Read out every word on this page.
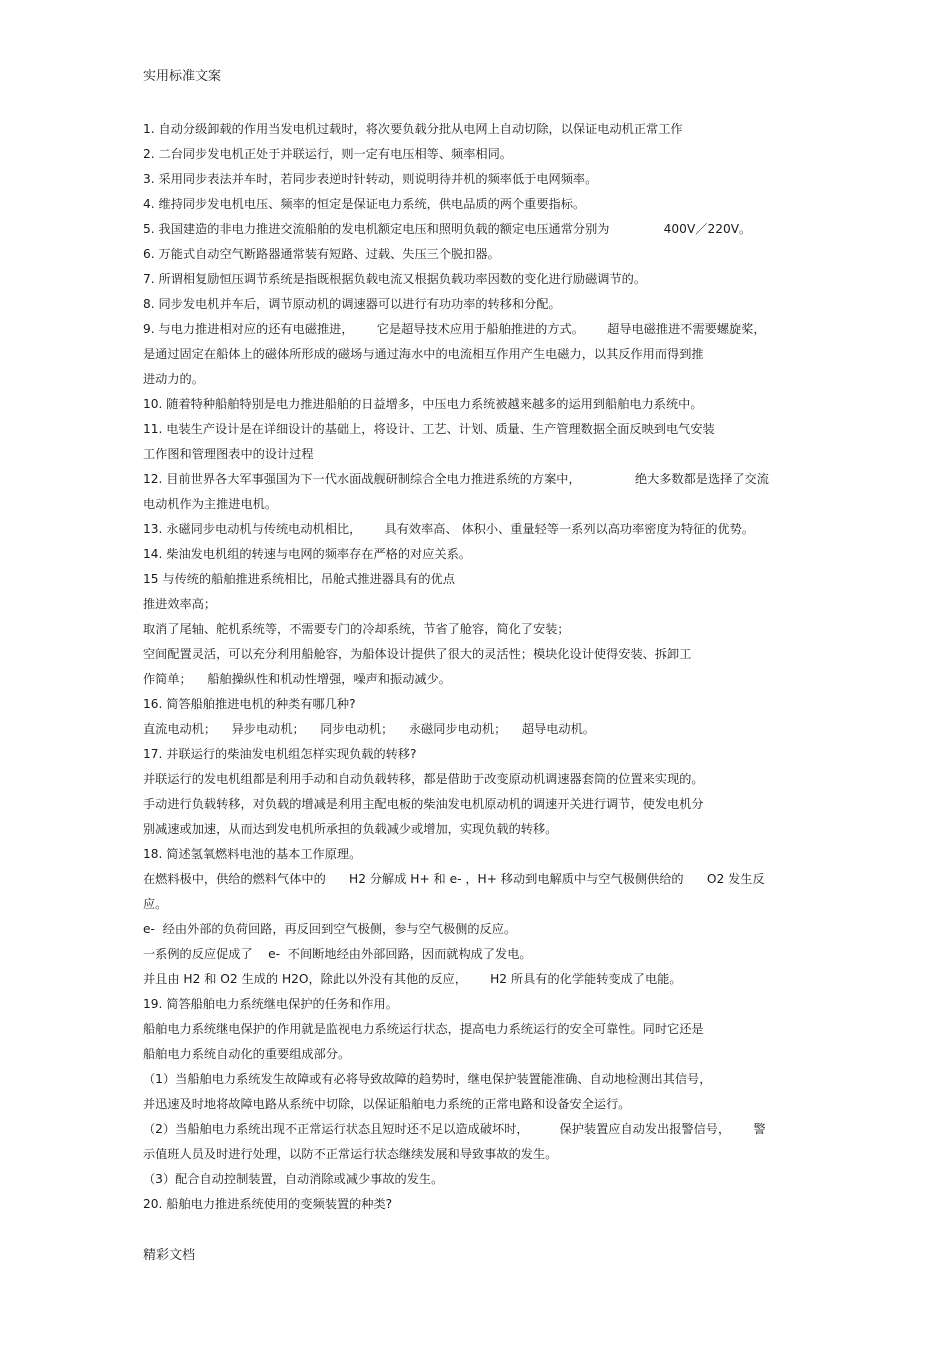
实用标准文案
1. 自动分级卸载的作用当发电机过载时，将次要负载分批从电网上自动切除，以保证电动机正常工作
2. 二台同步发电机正处于并联运行，则一定有电压相等、频率相同。
3. 采用同步表法并车时，若同步表逆时针转动，则说明待并机的频率低于电网频率。
4. 维持同步发电机电压、频率的恒定是保证电力系统，供电品质的两个重要指标。
5. 我国建造的非电力推进交流船舶的发电机额定电压和照明负载的额定电压通常分别为              400V／220V。
6. 万能式自动空气断路器通常装有短路、过载、失压三个脱扣器。
7. 所谓相复励恒压调节系统是指既根据负载电流又根据负载功率因数的变化进行励磁调节的。
8. 同步发电机并车后，调节原动机的调速器可以进行有功功率的转移和分配。
9. 与电力推进相对应的还有电磁推进，      它是超导技术应用于船舶推进的方式。      超导电磁推进不需要螺旋桨，
是通过固定在船体上的磁体所形成的磁场与通过海水中的电流相互作用产生电磁力，以其反作用而得到推
进动力的。
10. 随着特种船舶特别是电力推进船舶的日益增多，中压电力系统被越来越多的运用到船舶电力系统中。
11. 电装生产设计是在详细设计的基础上，将设计、工艺、计划、质量、生产管理数据全面反映到电气安装
工作图和管理图表中的设计过程
12. 目前世界各大军事强国为下一代水面战舰研制综合全电力推进系统的方案中，              绝大多数都是选择了交流
电动机作为主推进电机。
13. 永磁同步电动机与传统电动机相比，      具有效率高、 体积小、重量轻等一系列以高功率密度为特征的优势。
14. 柴油发电机组的转速与电网的频率存在严格的对应关系。
15 与传统的船舶推进系统相比，吊舱式推进器具有的优点
推进效率高；
取消了尾轴、舵机系统等，不需要专门的冷却系统，节省了舱容，简化了安装；
空间配置灵活，可以充分利用船舱容，为船体设计提供了很大的灵活性；模块化设计使得安装、拆卸工
作简单；    船舶操纵性和机动性增强，噪声和振动减少。
16. 简答船舶推进电机的种类有哪几种?
直流电动机；    异步电动机；    同步电动机；    永磁同步电动机；    超导电动机。
17. 并联运行的柴油发电机组怎样实现负载的转移?
并联运行的发电机组都是利用手动和自动负载转移，都是借助于改变原动机调速器套筒的位置来实现的。
手动进行负载转移，对负载的增减是利用主配电板的柴油发电机原动机的调速开关进行调节，使发电机分
别减速或加速，从而达到发电机所承担的负载减少或增加，实现负载的转移。
18. 简述氢氧燃料电池的基本工作原理。
在燃料极中，供给的燃料气体中的      H2 分解成 H+ 和 e- ，H+ 移动到电解质中与空气极侧供给的      O2 发生反
应。
e-  经由外部的负荷回路，再反回到空气极侧，参与空气极侧的反应。
一系例的反应促成了    e-  不间断地经由外部回路，因而就构成了发电。
并且由 H2 和 O2 生成的 H2O，除此以外没有其他的反应，      H2 所具有的化学能转变成了电能。
19. 简答船舶电力系统继电保护的任务和作用。
船舶电力系统继电保护的作用就是监视电力系统运行状态，提高电力系统运行的安全可靠性。同时它还是
船舶电力系统自动化的重要组成部分。
（1）当船舶电力系统发生故障或有必将导致故障的趋势时，继电保护装置能准确、自动地检测出其信号，
并迅速及时地将故障电路从系统中切除，以保证船舶电力系统的正常电路和设备安全运行。
（2）当船舶电力系统出现不正常运行状态且短时还不足以造成破坏时，        保护装置应自动发出报警信号，      警
示值班人员及时进行处理，以防不正常运行状态继续发展和导致事故的发生。
（3）配合自动控制装置，自动消除或减少事故的发生。
20. 船舶电力推进系统使用的变频装置的种类?
精彩文档
